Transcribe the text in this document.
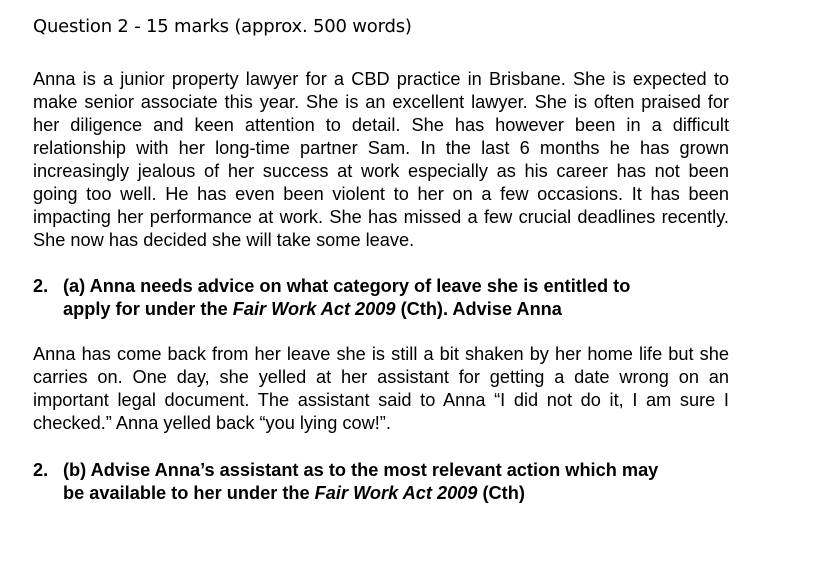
Question 2 - 15 marks (approx. 500 words)

Anna is a junior property lawyer for a CBD practice in Brisbane. She is expected to make senior associate this year. She is an excellent lawyer. She is often praised for her diligence and keen attention to detail. She has however been in a difficult relationship with her long-time partner Sam. In the last 6 months he has grown increasingly jealous of her success at work especially as his career has not been going too well. He has even been violent to her on a few occasions. It has been impacting her performance at work. She has missed a few crucial deadlines recently. She now has decided she will take some leave.

2. (a) Anna needs advice on what category of leave she is entitled to
apply for under the Fair Work Act 2009 (Cth). Advise Anna

Anna has come back from her leave she is still a bit shaken by her home life but she carries on. One day, she yelled at her assistant for getting a date wrong on an important legal document. The assistant said to Anna “I did not do it, I am sure I checked.” Anna yelled back “you lying cow!”.

2. (b) Advise Anna’s assistant as to the most relevant action which may
be available to her under the Fair Work Act 2009 (Cth)
